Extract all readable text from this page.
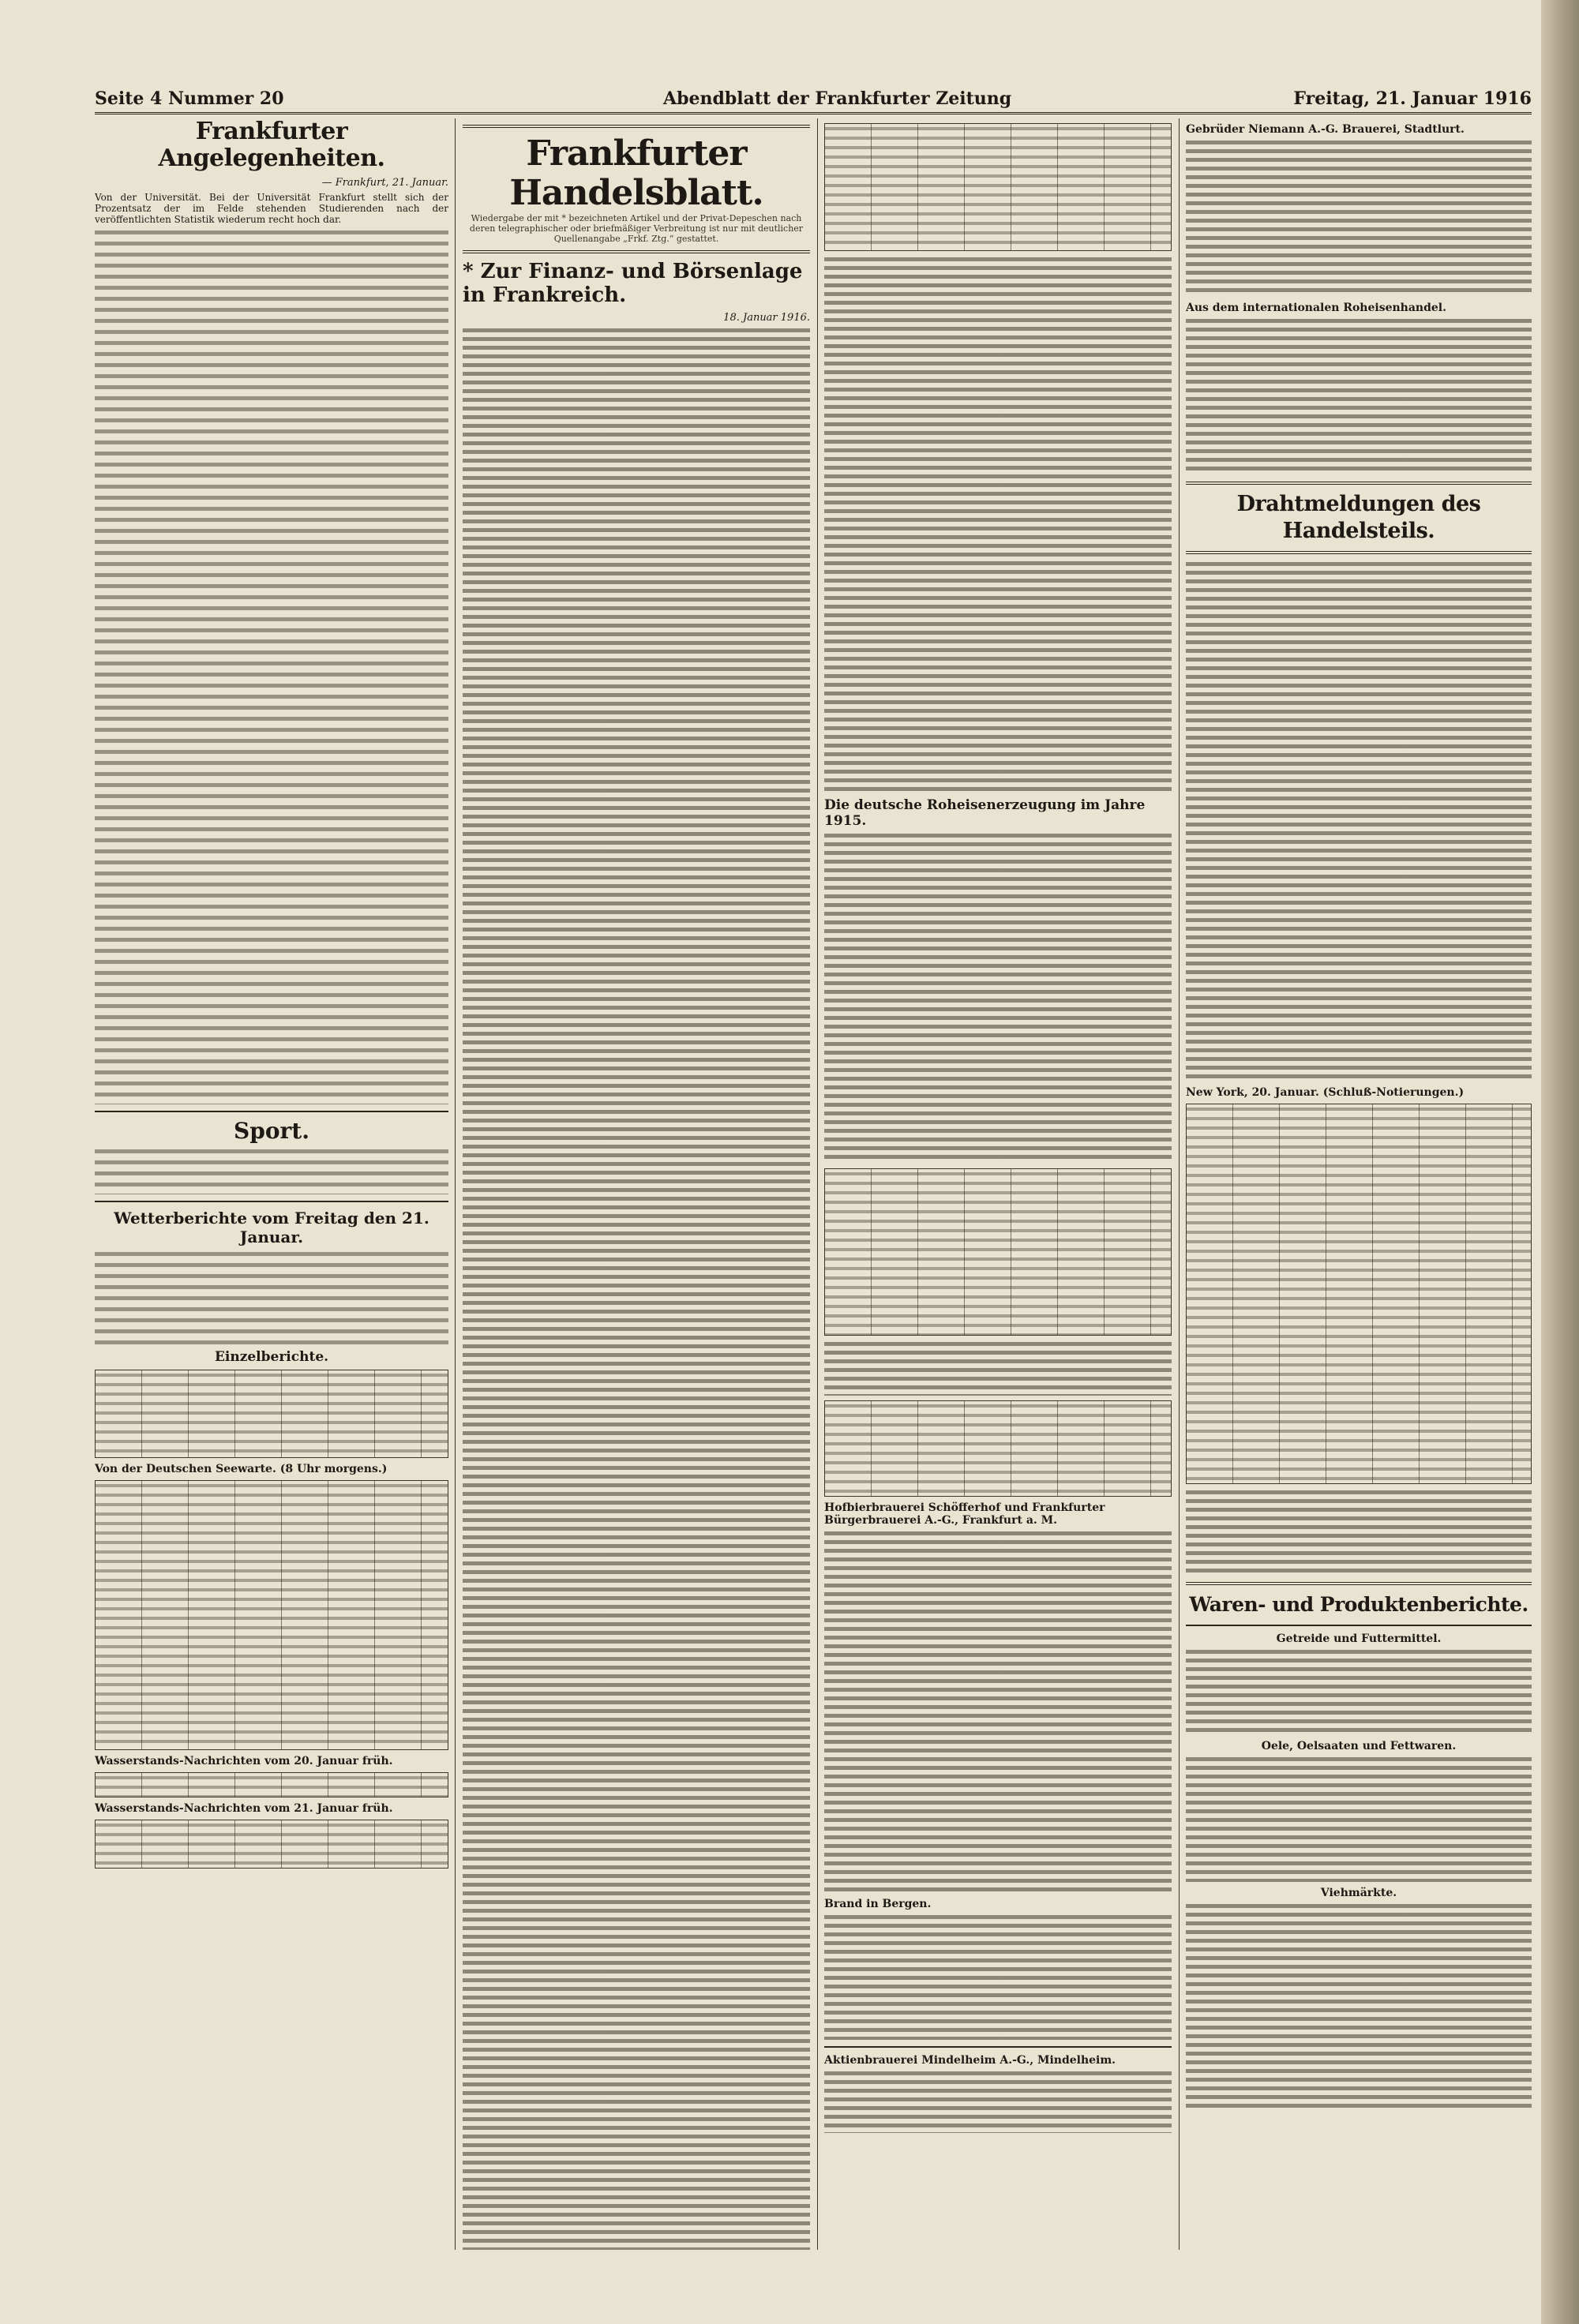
Seite 4 Nummer 20	Abendblatt der Frankfurter Zeitung	Freitag, 21. Januar 1916
Frankfurter Angelegenheiten.
— Frankfurt, 21. Januar.

Von der Universität. Bei der Universität Frankfurt stellt sich der Prozentsatz der im Felde stehenden Studierenden nach der veröffentlichten Statistik wiederum recht hoch dar.

Sport.
Wetterberichte vom Freitag den 21. Januar.
Einzelberichte.
Von der Deutschen Seewarte. (8 Uhr morgens.)
Wasserstands-Nachrichten vom 20. Januar früh.
Wasserstands-Nachrichten vom 21. Januar früh.
Frankfurter Handelsblatt.
Wiedergabe der mit * bezeichneten Artikel und der Privat-Depeschen nach deren telegraphischer oder briefmäßiger Verbreitung ist nur mit deutlicher Quellenangabe „Frkf. Ztg.“ gestattet.
* Zur Finanz- und Börsenlage in Frankreich.
18. Januar 1916.
Die deutsche Roheisenerzeugung im Jahre 1915.
Hofbierbrauerei Schöfferhof und Frankfurter Bürgerbrauerei A.-G., Frankfurt a. M.
Brand in Bergen.
Aktienbrauerei Mindelheim A.-G., Mindelheim.
Gebrüder Niemann A.-G. Brauerei, Stadtlurt.
Aus dem internationalen Roheisenhandel.
Drahtmeldungen des Handelsteils.
New York, 20. Januar. (Schluß-Notierungen.)
Waren- und Produktenberichte.
Getreide und Futtermittel.
Oele, Oelsaaten und Fettwaren.
Viehmärkte.
